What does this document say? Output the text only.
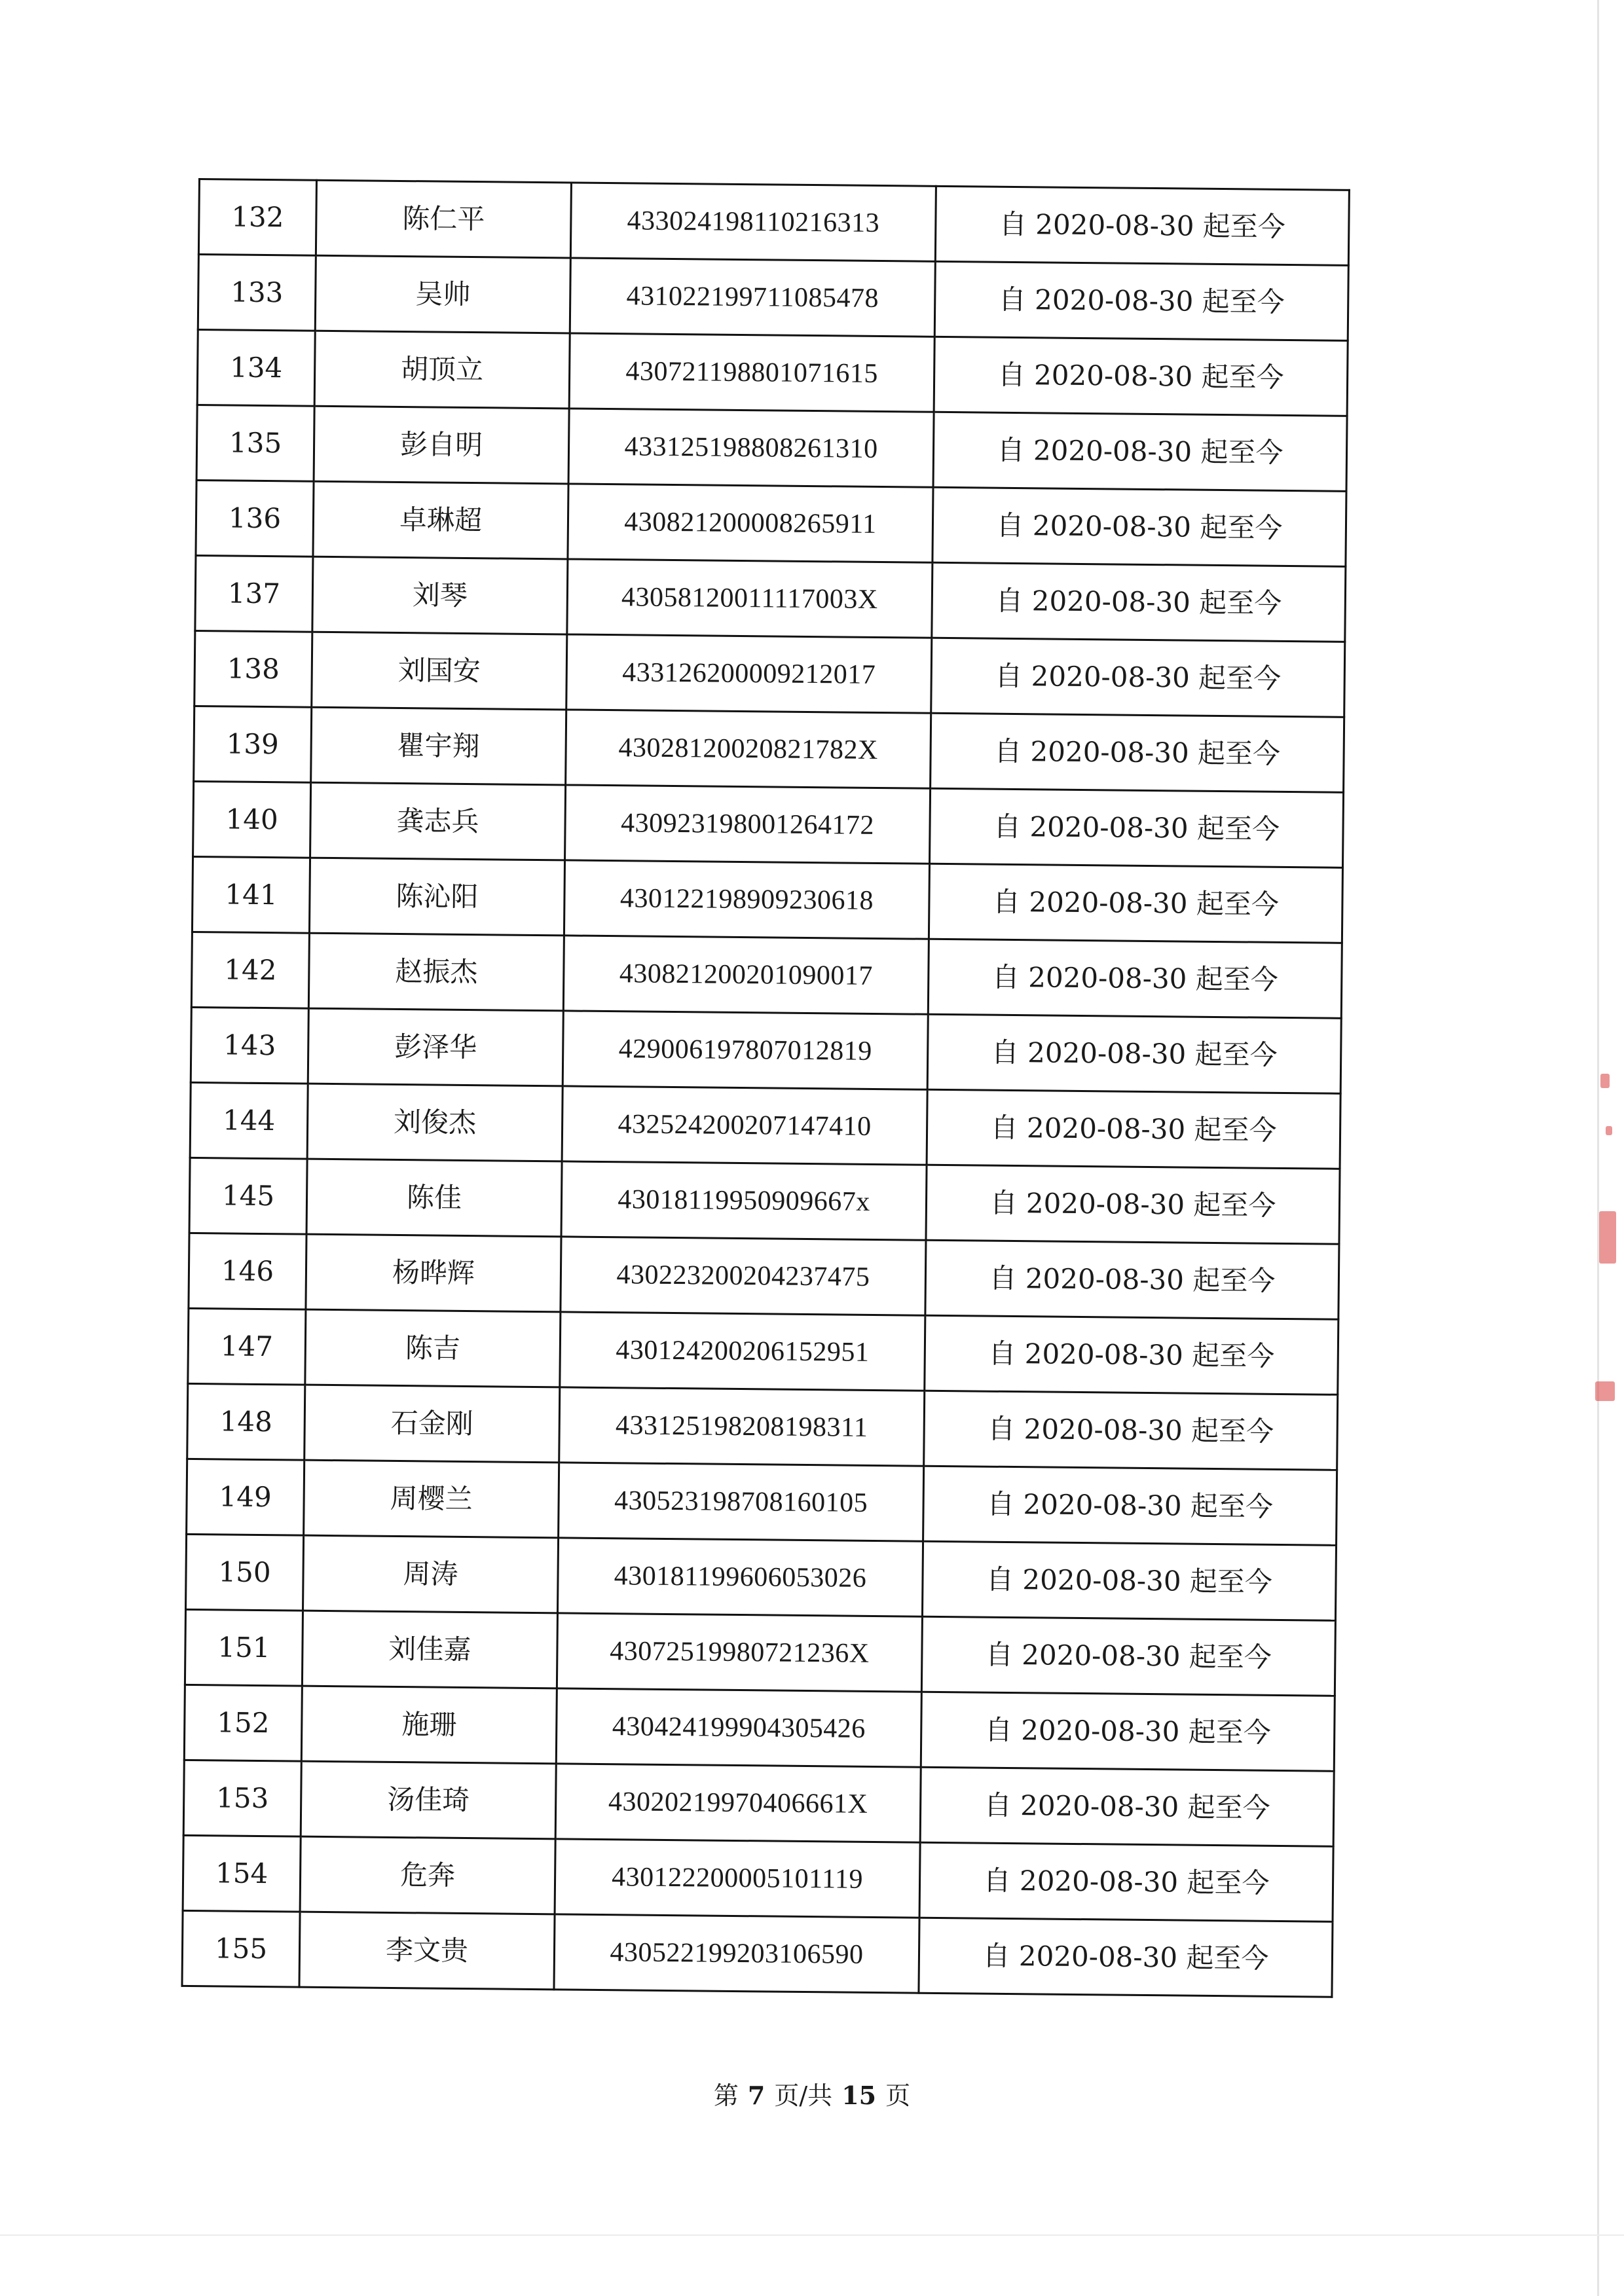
132	陈仁平	433024198110216313	自 2020-08-30 起至今
133	吴帅	431022199711085478	自 2020-08-30 起至今
134	胡顶立	430721198801071615	自 2020-08-30 起至今
135	彭自明	433125198808261310	自 2020-08-30 起至今
136	卓琳超	430821200008265911	自 2020-08-30 起至今
137	刘琴	43058120011117003X	自 2020-08-30 起至今
138	刘国安	433126200009212017	自 2020-08-30 起至今
139	瞿宇翔	43028120020821782X	自 2020-08-30 起至今
140	龚志兵	430923198001264172	自 2020-08-30 起至今
141	陈沁阳	430122198909230618	自 2020-08-30 起至今
142	赵振杰	430821200201090017	自 2020-08-30 起至今
143	彭泽华	429006197807012819	自 2020-08-30 起至今
144	刘俊杰	432524200207147410	自 2020-08-30 起至今
145	陈佳	43018119950909667x	自 2020-08-30 起至今
146	杨晔辉	430223200204237475	自 2020-08-30 起至今
147	陈吉	430124200206152951	自 2020-08-30 起至今
148	石金刚	433125198208198311	自 2020-08-30 起至今
149	周樱兰	430523198708160105	自 2020-08-30 起至今
150	周涛	430181199606053026	自 2020-08-30 起至今
151	刘佳嘉	43072519980721236X	自 2020-08-30 起至今
152	施珊	430424199904305426	自 2020-08-30 起至今
153	汤佳琦	43020219970406661X	自 2020-08-30 起至今
154	危奔	430122200005101119	自 2020-08-30 起至今
155	李文贵	430522199203106590	自 2020-08-30 起至今
第 7 页/共 15 页
